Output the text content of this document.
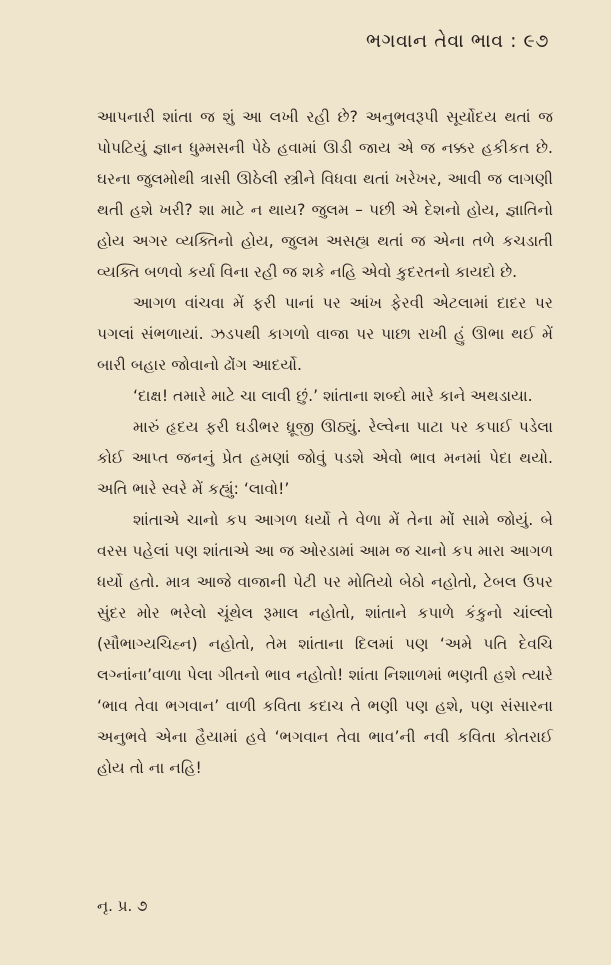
ભગવાન તેવા ભાવ : ૯૭

આપનારી શાંતા જ શું આ લખી રહી છે? અનુભવરૂપી સૂર્યોદય થતાં જ પોપટિયું જ્ઞાન ધુમ્મસની પેઠે હવામાં ઊડી જાય એ જ નક્કર હકીકત છે. ઘરના જુલમોથી ત્રાસી ઊઠેલી સ્ત્રીને વિધવા થતાં ખરેખર, આવી જ લાગણી થતી હશે ખરી? શા માટે ન થાય? જુલમ – પછી એ દેશનો હોય, જ્ઞાતિનો હોય અગર વ્યક્તિનો હોય, જુલમ અસહ્ય થતાં જ એના તળે કચડાતી વ્યક્તિ બળવો કર્યા વિના રહી જ શકે નહિ એવો કુદરતનો કાયદો છે.

આગળ વાંચવા મેં ફરી પાનાં પર આંખ ફેરવી એટલામાં દાદર પર પગલાં સંભળાયાં. ઝડપથી કાગળો વાજા પર પાછા રાખી હું ઊભા થઈ મેં બારી બહાર જોવાનો ઢોંગ આદર્યો.

‘દાક્ષ! તમારે માટે ચા લાવી છું.’ શાંતાના શબ્દો મારે કાને અથડાયા.

મારું હૃદય ફરી ઘડીભર ધ્રૂજી ઊઠ્યું. રેલ્વેના પાટા પર કપાઈ પડેલા કોઈ આપ્ત જનનું પ્રેત હમણાં જોવું પડશે એવો ભાવ મનમાં પેદા થયો. અતિ ભારે સ્વરે મેં કહ્યું: ‘લાવો!’

શાંતાએ ચાનો કપ આગળ ધર્યો તે વેળા મેં તેના મોં સામે જોયું. બે વરસ પહેલાં પણ શાંતાએ આ જ ઓરડામાં આમ જ ચાનો કપ મારા આગળ ધર્યો હતો. માત્ર આજે વાજાની પેટી પર મોતિયો બેઠો નહોતો, ટેબલ ઉપર સુંદર મોર ભરેલો ચૂંથેલ રૂમાલ નહોતો, શાંતાને કપાળે કંકુનો ચાંલ્લો (સૌભાગ્યચિહ્ન) નહોતો, તેમ શાંતાના દિલમાં પણ ‘અમે પતિ દેવચિ લગ્નાંના’વાળા પેલા ગીતનો ભાવ નહોતો! શાંતા નિશાળમાં ભણતી હશે ત્યારે ‘ભાવ તેવા ભગવાન’ વાળી કવિતા કદાચ તે ભણી પણ હશે, પણ સંસારના અનુભવે એના હૈયામાં હવે ‘ભગવાન તેવા ભાવ’ની નવી કવિતા કોતરાઈ હોય તો ના નહિ!

નૃ. પ્ર. ૭
